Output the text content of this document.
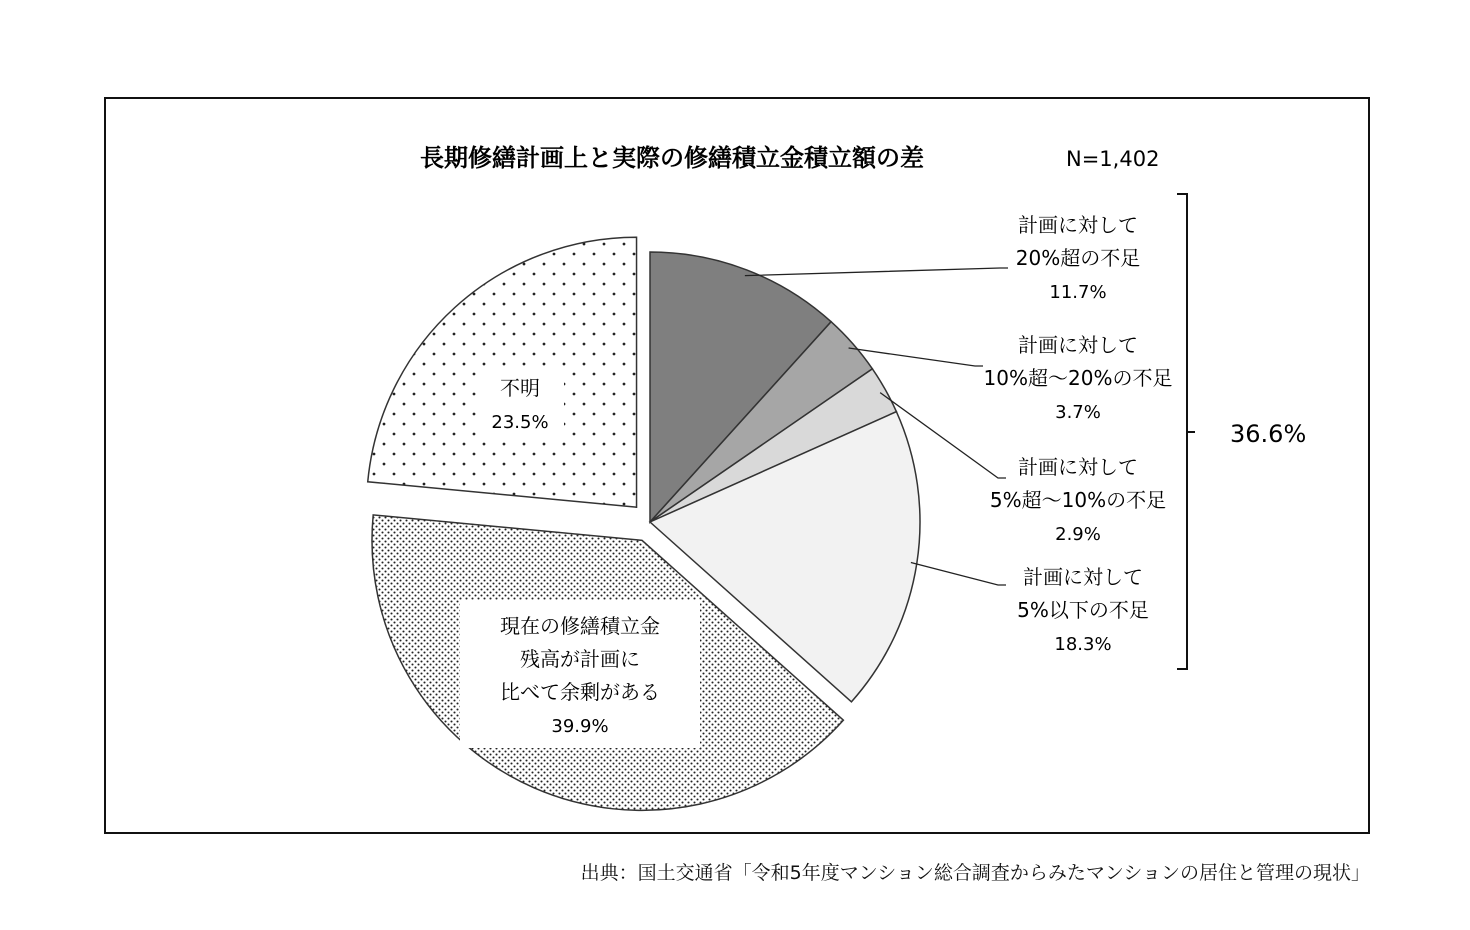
長期修繕計画上と実際の修繕積立金積立額の差	N=1,402
計画に対して
20%超の不足
11.7%
計画に対して
10%超～20%の不足
3.7%
計画に対して
5%超～10%の不足
2.9%
計画に対して
5%以下の不足
18.3%
現在の修繕積立金
残高が計画に
比べて余剰がある
39.9%
不明
23.5%	36.6%
出典：国土交通省「令和5年度マンション総合調査からみたマンションの居住と管理の現状」
